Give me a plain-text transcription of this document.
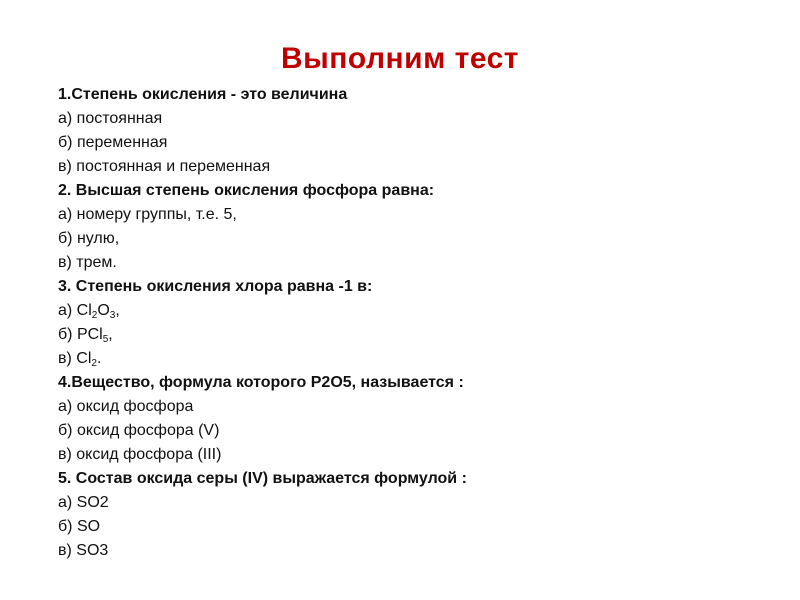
Выполним тест
1.Степень окисления - это величина
а) постоянная
б) переменная
в) постоянная и переменная
2. Высшая степень окисления фосфора равна:
а) номеру группы, т.е. 5,
б) нулю,
в) трем.
3. Степень окисления хлора равна -1 в:
а) $Cl_2O_3$,
б) PCl$_5$,
в) $Cl_2$.
4.Вещество, формула которого Р2О5, называется :
а) оксид фосфора
б) оксид фосфора (V)
в) оксид фосфора (III)
5. Состав оксида серы (IV) выражается формулой :
а) SO2
б) SO
в) SO3
